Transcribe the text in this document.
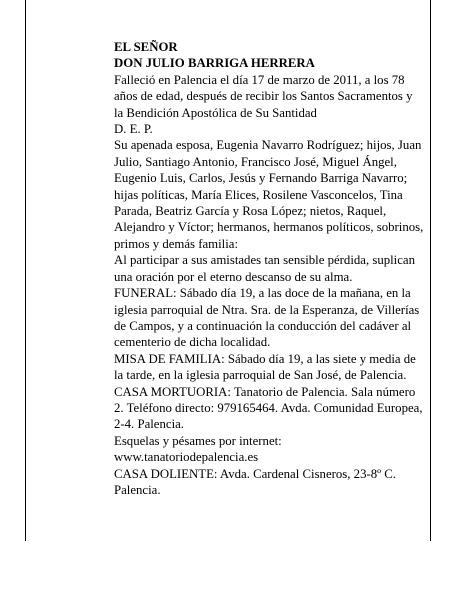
EL SEÑOR

DON JULIO BARRIGA HERRERA

Falleció en Palencia el día 17 de marzo de 2011, a los 78 años de edad, después de recibir los Santos Sacramentos y la Bendición Apostólica de Su Santidad

D. E. P.

Su apenada esposa, Eugenia Navarro Rodríguez; hijos, Juan Julio, Santiago Antonio, Francisco José, Miguel Ángel, Eugenio Luis, Carlos, Jesús y Fernando Barriga Navarro; hijas políticas, María Elices, Rosilene Vasconcelos, Tina Parada, Beatriz García y Rosa López; nietos, Raquel, Alejandro y Víctor; hermanos, hermanos políticos, sobrinos, primos y demás familia:

Al participar a sus amistades tan sensible pérdida, suplican una oración por el eterno descanso de su alma.

FUNERAL: Sábado día 19, a las doce de la mañana, en la iglesia parroquial de Ntra. Sra. de la Esperanza, de Villerías de Campos, y a continuación la conducción del cadáver al cementerio de dicha localidad.

MISA DE FAMILIA: Sábado día 19, a las siete y media de la tarde, en la iglesia parroquial de San José, de Palencia.

CASA MORTUORIA: Tanatorio de Palencia. Sala número 2. Teléfono directo: 979165464. Avda. Comunidad Europea, 2-4. Palencia.

Esquelas y pésames por internet:

www.tanatoriodepalencia.es

CASA DOLIENTE: Avda. Cardenal Cisneros, 23-8º C. Palencia.
